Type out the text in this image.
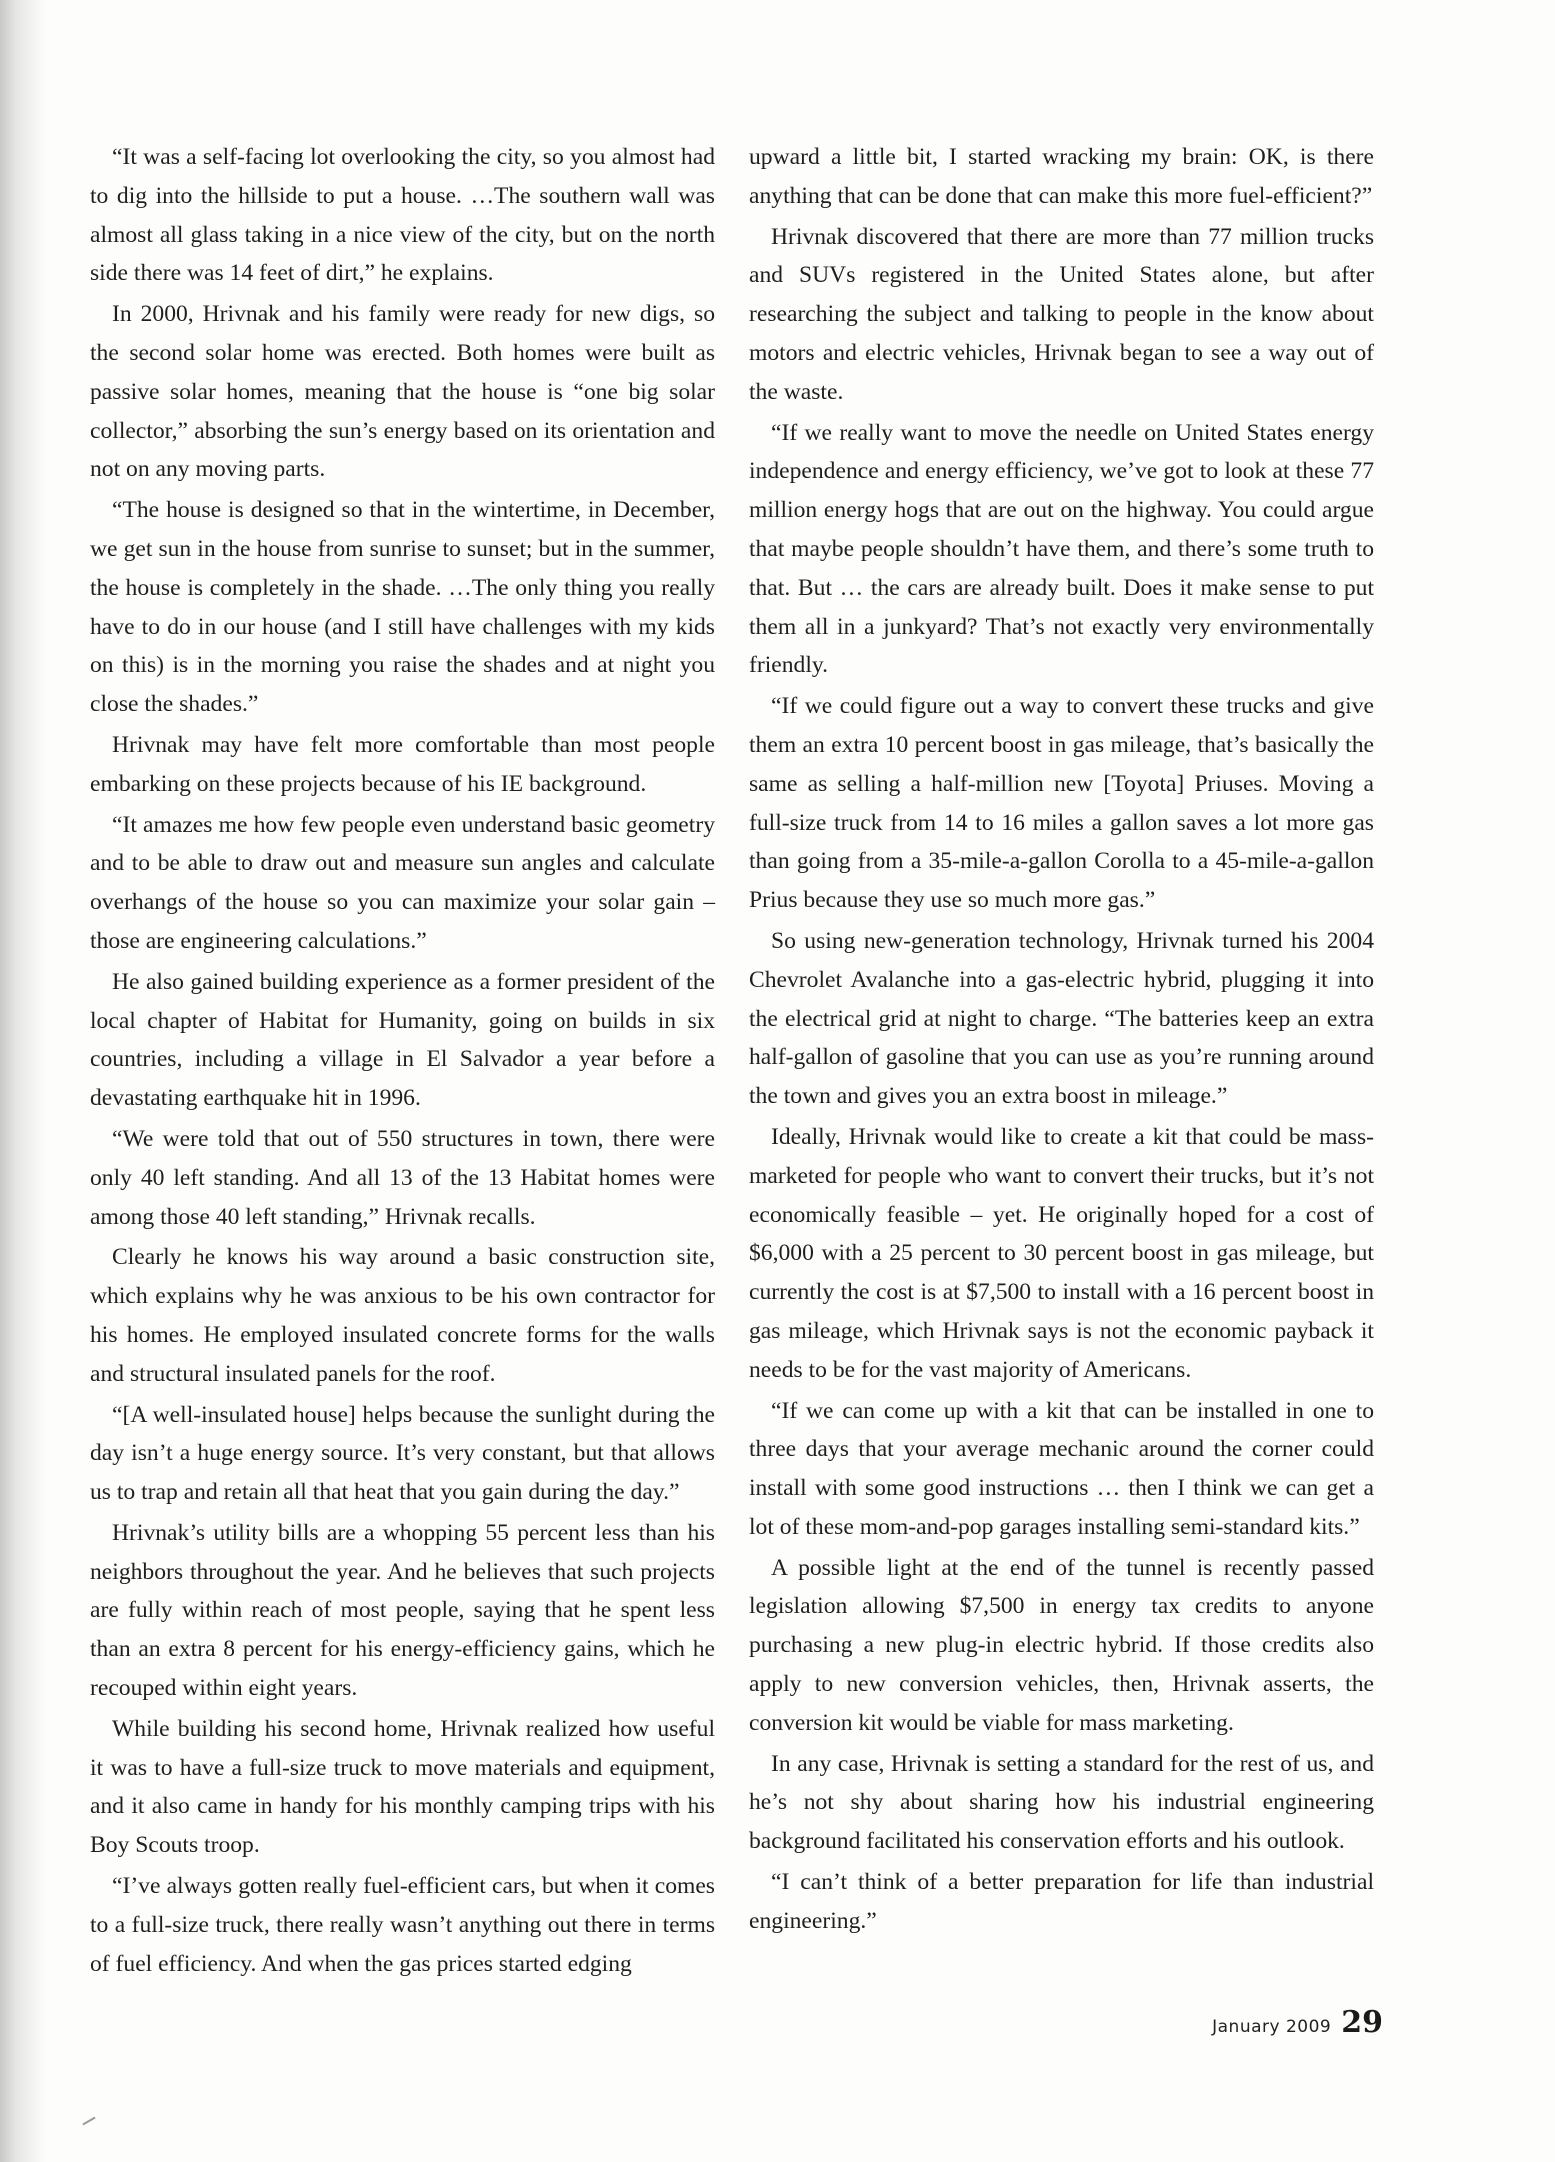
“It was a self-facing lot overlooking the city, so you almost had to dig into the hillside to put a house. …The southern wall was almost all glass taking in a nice view of the city, but on the north side there was 14 feet of dirt,” he explains.

In 2000, Hrivnak and his family were ready for new digs, so the second solar home was erected. Both homes were built as passive solar homes, meaning that the house is “one big solar collector,” absorbing the sun’s energy based on its orientation and not on any moving parts.

“The house is designed so that in the wintertime, in December, we get sun in the house from sunrise to sunset; but in the summer, the house is completely in the shade. …The only thing you really have to do in our house (and I still have challenges with my kids on this) is in the morning you raise the shades and at night you close the shades.”

Hrivnak may have felt more comfortable than most people embarking on these projects because of his IE background.

“It amazes me how few people even understand basic geometry and to be able to draw out and measure sun angles and calculate overhangs of the house so you can maximize your solar gain – those are engineering calculations.”

He also gained building experience as a former president of the local chapter of Habitat for Humanity, going on builds in six countries, including a village in El Salvador a year before a devastating earthquake hit in 1996.

“We were told that out of 550 structures in town, there were only 40 left standing. And all 13 of the 13 Habitat homes were among those 40 left standing,” Hrivnak recalls.

Clearly he knows his way around a basic construction site, which explains why he was anxious to be his own contractor for his homes. He employed insulated concrete forms for the walls and structural insulated panels for the roof.

“[A well-insulated house] helps because the sunlight during the day isn’t a huge energy source. It’s very constant, but that allows us to trap and retain all that heat that you gain during the day.”

Hrivnak’s utility bills are a whopping 55 percent less than his neighbors throughout the year. And he believes that such projects are fully within reach of most people, saying that he spent less than an extra 8 percent for his energy-efficiency gains, which he recouped within eight years.

While building his second home, Hrivnak realized how useful it was to have a full-size truck to move materials and equipment, and it also came in handy for his monthly camping trips with his Boy Scouts troop.

“I’ve always gotten really fuel-efficient cars, but when it comes to a full-size truck, there really wasn’t anything out there in terms of fuel efficiency. And when the gas prices started edging

upward a little bit, I started wracking my brain: OK, is there anything that can be done that can make this more fuel-efficient?”

Hrivnak discovered that there are more than 77 million trucks and SUVs registered in the United States alone, but after researching the subject and talking to people in the know about motors and electric vehicles, Hrivnak began to see a way out of the waste.

“If we really want to move the needle on United States energy independence and energy efficiency, we’ve got to look at these 77 million energy hogs that are out on the highway. You could argue that maybe people shouldn’t have them, and there’s some truth to that. But … the cars are already built. Does it make sense to put them all in a junkyard? That’s not exactly very environmentally friendly.

“If we could figure out a way to convert these trucks and give them an extra 10 percent boost in gas mileage, that’s basically the same as selling a half-million new [Toyota] Priuses. Moving a full-size truck from 14 to 16 miles a gallon saves a lot more gas than going from a 35-mile-a-gallon Corolla to a 45-mile-a-gallon Prius because they use so much more gas.”

So using new-generation technology, Hrivnak turned his 2004 Chevrolet Avalanche into a gas-electric hybrid, plugging it into the electrical grid at night to charge. “The batteries keep an extra half-gallon of gasoline that you can use as you’re running around the town and gives you an extra boost in mileage.”

Ideally, Hrivnak would like to create a kit that could be mass-marketed for people who want to convert their trucks, but it’s not economically feasible – yet. He originally hoped for a cost of $6,000 with a 25 percent to 30 percent boost in gas mileage, but currently the cost is at $7,500 to install with a 16 percent boost in gas mileage, which Hrivnak says is not the economic payback it needs to be for the vast majority of Americans.

“If we can come up with a kit that can be installed in one to three days that your average mechanic around the corner could install with some good instructions … then I think we can get a lot of these mom-and-pop garages installing semi-standard kits.”

A possible light at the end of the tunnel is recently passed legislation allowing $7,500 in energy tax credits to anyone purchasing a new plug-in electric hybrid. If those credits also apply to new conversion vehicles, then, Hrivnak asserts, the conversion kit would be viable for mass marketing.

In any case, Hrivnak is setting a standard for the rest of us, and he’s not shy about sharing how his industrial engineering background facilitated his conservation efforts and his outlook.

“I can’t think of a better preparation for life than industrial engineering.”

January 2009 29
